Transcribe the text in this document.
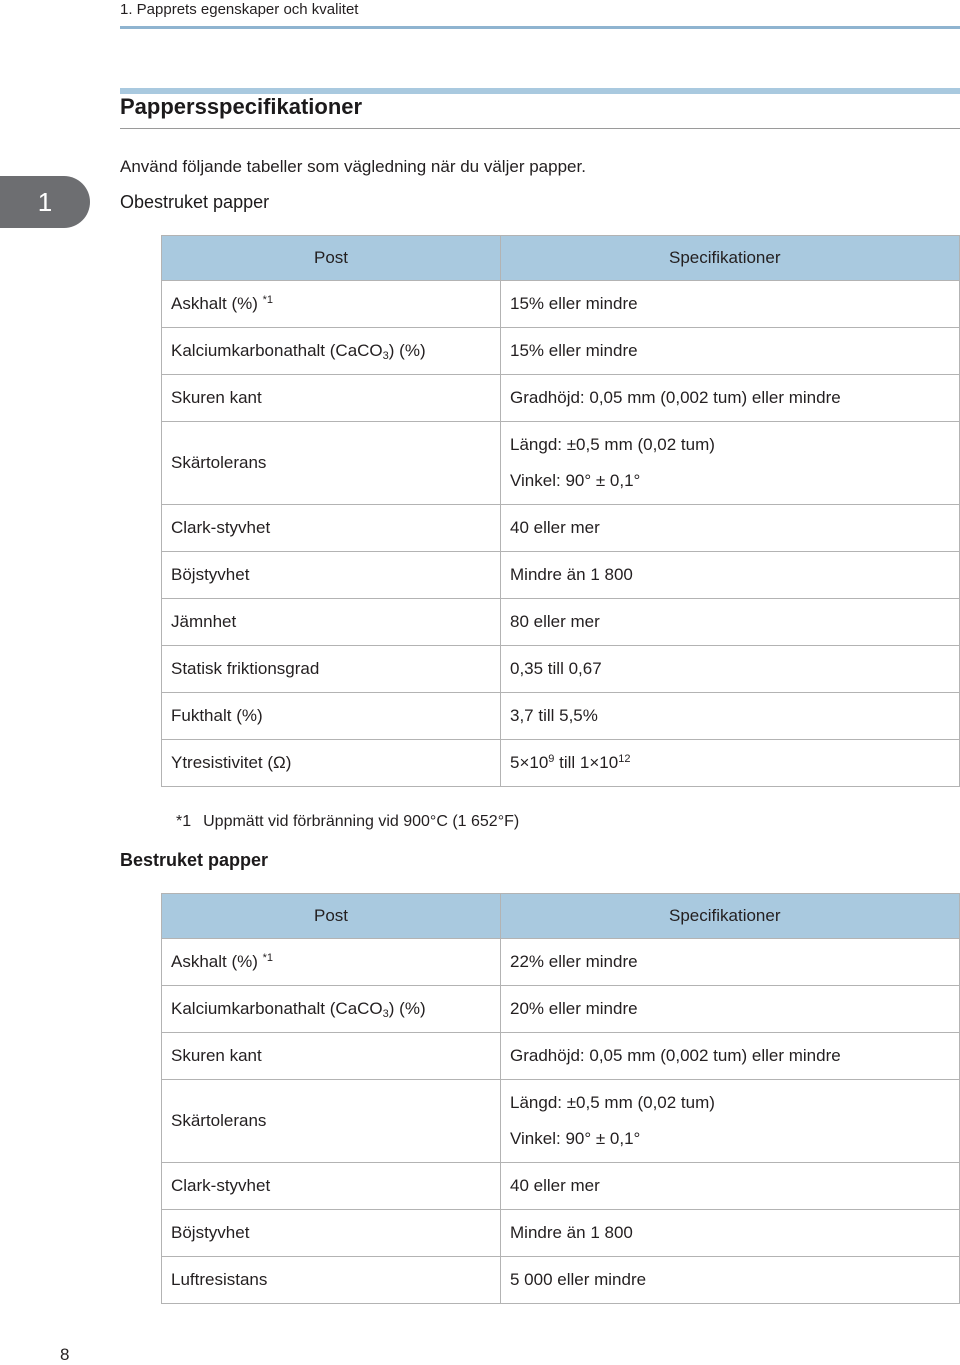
1. Papprets egenskaper och kvalitet
Pappersspecifikationer
Använd följande tabeller som vägledning när du väljer papper.
1	Obestruket papper
Post	Specifikationer
Askhalt (%) $^{*1}$	15% eller mindre
Kalciumkarbonathalt (CaCO$_3$) (%)	15% eller mindre
Skuren kant	Gradhöjd: 0,05 mm (0,002 tum) eller mindre
Skärtolerans	Längd: ±0,5 mm (0,02 tum)
Vinkel: 90° ± 0,1°

Clark-styvhet	40 eller mer
Böjstyvhet	Mindre än 1 800
Jämnhet	80 eller mer
Statisk friktionsgrad	0,35 till 0,67
Fukthalt (%)	3,7 till 5,5%
Ytresistivitet (Ω)	$5\times 10^9$ till $1\times 10^{12}$
*1 Uppmätt vid förbränning vid 900°C (1 652°F)
Bestruket papper
Post	Specifikationer
Askhalt (%) $^{*1}$	22% eller mindre
Kalciumkarbonathalt (CaCO$_3$) (%)	20% eller mindre
Skuren kant	Gradhöjd: 0,05 mm (0,002 tum) eller mindre
Skärtolerans	Längd: ±0,5 mm (0,02 tum)
Vinkel: 90° ± 0,1°

Clark-styvhet	40 eller mer
Böjstyvhet	Mindre än 1 800
Luftresistans	5 000 eller mindre
8
